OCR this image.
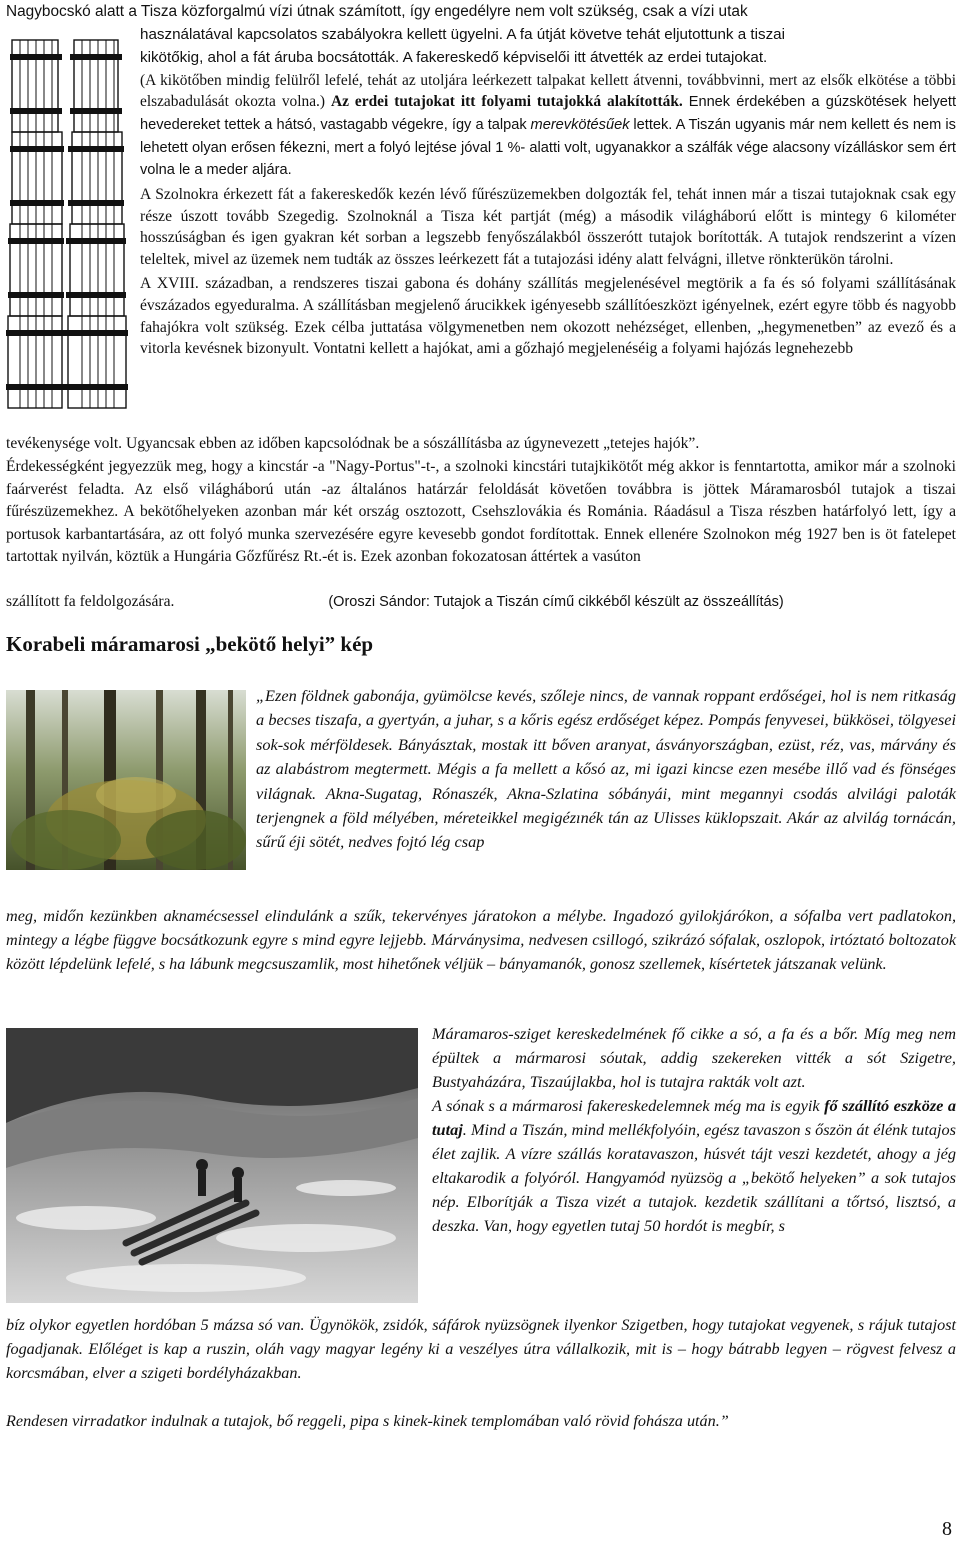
Nagybocskó alatt a Tisza közforgalmú vízi útnak számított, így engedélyre nem volt szükség, csak a vízi utak

használatával kapcsolatos szabályokra kellett ügyelni. A fa útját követve tehát eljutottunk a tiszai

kikötőkig, ahol a fát áruba bocsátották. A fakereskedő képviselői itt átvették az erdei tutajokat.

(A kikötőben mindig felülről lefelé, tehát az utoljára leérkezett talpakat kellett átvenni, továbbvinni, mert az elsők elkötése a többi elszabadulását okozta volna.) Az erdei tutajokat itt folyami tutajokká alakították. Ennek érdekében a gúzskötések helyett hevedereket tettek a hátsó, vastagabb végekre, így a talpak merevkötésűek lettek. A Tiszán ugyanis már nem kellett és nem is lehetett olyan erősen fékezni, mert a folyó lejtése jóval 1 %- alatti volt, ugyanakkor a szálfák vége alacsony vízálláskor sem ért volna le a meder aljára.

A Szolnokra érkezett fát a fakereskedők kezén lévő fűrészüzemekben dolgozták fel, tehát innen már a tiszai tutajoknak csak egy része úszott tovább Szegedig. Szolnoknál a Tisza két partját (még) a második világháború előtt is mintegy 6 kilométer hosszúságban és igen gyakran két sorban a legszebb fenyőszálakból összerótt tutajok borították. A tutajok rendszerint a vízen teleltek, mivel az üzemek nem tudták az összes leérkezett fát a tutajozási idény alatt felvágni, illetve rönkterükön tárolni.

A XVIII. században, a rendszeres tiszai gabona és dohány szállítás megjelenésével megtörik a fa és só folyami szállításának évszázados egyeduralma. A szállításban megjelenő árucikkek igényesebb szállítóeszközt igényelnek, ezért egyre több és nagyobb fahajókra volt szükség. Ezek célba juttatása völgymenetben nem okozott nehézséget, ellenben, „hegymenetben” az evező és a vitorla kevésnek bizonyult. Vontatni kellett a hajókat, ami a gőzhajó megjelenéséig a folyami hajózás legnehezebb

tevékenysége volt. Ugyancsak ebben az időben kapcsolódnak be a sószállításba az úgynevezett „tetejes hajók”.

Érdekességként jegyezzük meg, hogy a kincstár -a "Nagy-Portus"-t-, a szolnoki kincstári tutajkikötőt még akkor is fenntartotta, amikor már a szolnoki faárverést feladta. Az első világháború után -az általános határzár feloldását követően továbbra is jöttek Máramarosból tutajok a tiszai fűrészüzemekhez. A bekötőhelyeken azonban már két ország osztozott, Csehszlovákia és Románia. Ráadásul a Tisza részben határfolyó lett, így a portusok karbantartására, az ott folyó munka szervezésére egyre kevesebb gondot fordítottak. Ennek ellenére Szolnokon még 1927 ben is öt fatelepet tartottak nyilván, köztük a Hungária Gőzfűrész Rt.-ét is. Ezek azonban fokozatosan áttértek a vasúton

szállított fa feldolgozására.	(Oroszi Sándor: Tutajok a Tiszán című cikkéből készült az összeállítás)

Korabeli máramarosi „bekötő helyi” kép

„Ezen földnek gabonája, gyümölcse kevés, szőleje nincs, de vannak roppant erdőségei, hol is nem ritkaság a becses tiszafa, a gyertyán, a juhar, s a kőris egész erdőséget képez. Pompás fenyvesei, bükkösei, tölgyesei sok-sok mérföldesek. Bányásztak, mostak itt bőven aranyat, ásványországban, ezüst, réz, vas, márvány és az alabástrom megtermett. Mégis a fa mellett a kősó az, mi igazi kincse ezen mesébe illő vad és fönséges világnak. Akna-Sugatag, Rónaszék, Akna-Szlatina sóbányái, mint megannyi csodás alvilági paloták terjengnek a föld mélyében, méreteikkel megigézınék tán az Ulisses küklopszait. Akár az alvilág tornácán, sűrű éji sötét, nedves fojtó lég csap

meg, midőn kezünkben aknamécsessel elindulánk a szűk, tekervényes járatokon a mélybe. Ingadozó gyilokjárókon, a sófalba vert padlatokon, mintegy a légbe függve bocsátkozunk egyre s mind egyre lejjebb. Márványsima, nedvesen csillogó, szikrázó sófalak, oszlopok, irtóztató boltozatok között lépdelünk lefelé, s ha lábunk megcsuszamlik, most hihetőnek véljük – bányamanók, gonosz szellemek, kísértetek játszanak velünk.

Máramaros-sziget kereskedelmének fő cikke a só, a fa és a bőr. Míg meg nem épültek a mármarosi sóutak, addig szekereken vitték a sót Szigetre, Bustyaházára, Tiszaújlakba, hol is tutajra rakták volt azt.

A sónak s a mármarosi fakereskedelemnek még ma is egyik fő szállító eszköze a tutaj. Mind a Tiszán, mind mellékfolyóin, egész tavaszon s őszön át élénk tutajos élet zajlik. A vízre szállás koratavaszon, húsvét tájt veszi kezdetét, ahogy a jég eltakarodik a folyóról. Hangyamód nyüzsög a „bekötő helyeken” a sok tutajos nép. Elborítják a Tisza vizét a tutajok. kezdetik szállítani a tőrtsó, lisztsó, a deszka. Van, hogy egyetlen tutaj 50 hordót is megbír, s

bíz olykor egyetlen hordóban 5 mázsa só van. Ügynökök, zsidók, sáfárok nyüzsögnek ilyenkor Szigetben, hogy tutajokat vegyenek, s rájuk tutajost fogadjanak. Előléget is kap a ruszin, oláh vagy magyar legény ki a veszélyes útra vállalkozik, mit is – hogy bátrabb legyen – rögvest felvesz a korcsmában, elver a szigeti bordélyházakban.

Rendesen virradatkor indulnak a tutajok, bő reggeli, pipa s kinek-kinek templomában való rövid fohásza után.”

8
